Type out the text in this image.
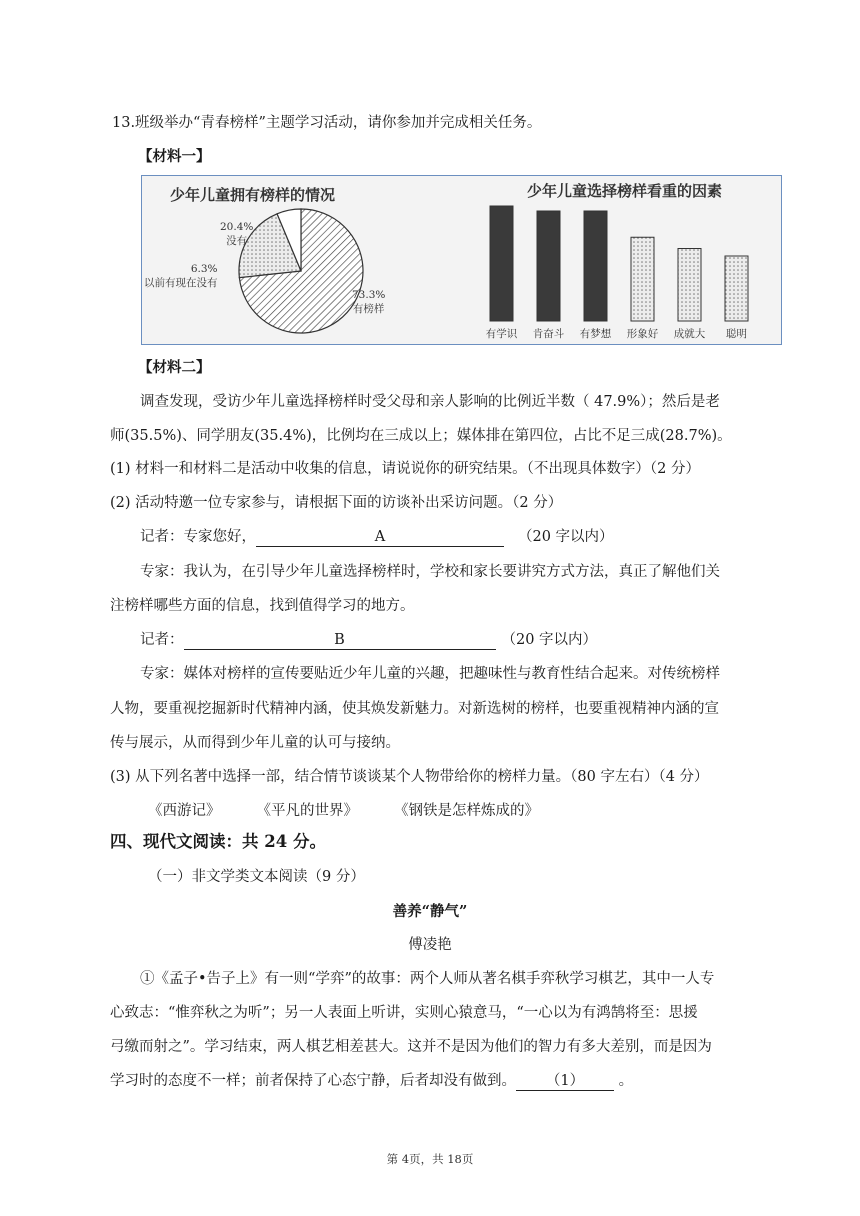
13.班级举办“青春榜样”主题学习活动，请你参加并完成相关任务。
【材料一】
少年儿童拥有榜样的情况	少年儿童选择榜样看重的因素
20.4%
没有
6.3%
以前有现在没有
73.3%
有榜样
有学识	肯奋斗	有梦想	形象好	成就大	聪明
【材料二】
调查发现，受访少年儿童选择榜样时受父母和亲人影响的比例近半数（ 47.9%）；然后是老
师(35.5%)、同学朋友(35.4%)，比例均在三成以上；媒体排在第四位，占比不足三成(28.7%)。
(1) 材料一和材料二是活动中收集的信息，请说说你的研究结果。（不出现具体数字）（2 分）
(2) 活动特邀一位专家参与，请根据下面的访谈补出采访问题。（2 分）
记者：专家您好，	A	（20 字以内）
专家：我认为，在引导少年儿童选择榜样时，学校和家长要讲究方式方法，真正了解他们关
注榜样哪些方面的信息，找到值得学习的地方。
记者：	B	（20 字以内）
专家：媒体对榜样的宣传要贴近少年儿童的兴趣，把趣味性与教育性结合起来。对传统榜样
人物，要重视挖掘新时代精神内涵，使其焕发新魅力。对新选树的榜样，也要重视精神内涵的宣
传与展示，从而得到少年儿童的认可与接纳。
(3) 从下列名著中选择一部，结合情节谈谈某个人物带给你的榜样力量。（80 字左右）（4 分）
《西游记》 《平凡的世界》 《钢铁是怎样炼成的》
四、现代文阅读：共 24 分。
（一）非文学类文本阅读（9 分）
善养“静气”
傅凌艳
①《孟子•告子上》有一则“学弈”的故事：两个人师从著名棋手弈秋学习棋艺，其中一人专
心致志：“惟弈秋之为听”；另一人表面上听讲，实则心猿意马，“一心以为有鸿鹄将至：思援
弓缴而射之”。学习结束，两人棋艺相差甚大。这并不是因为他们的智力有多大差别，而是因为
学习时的态度不一样；前者保持了心态宁静，后者却没有做到。 （1） 。
第 4页，共 18页
